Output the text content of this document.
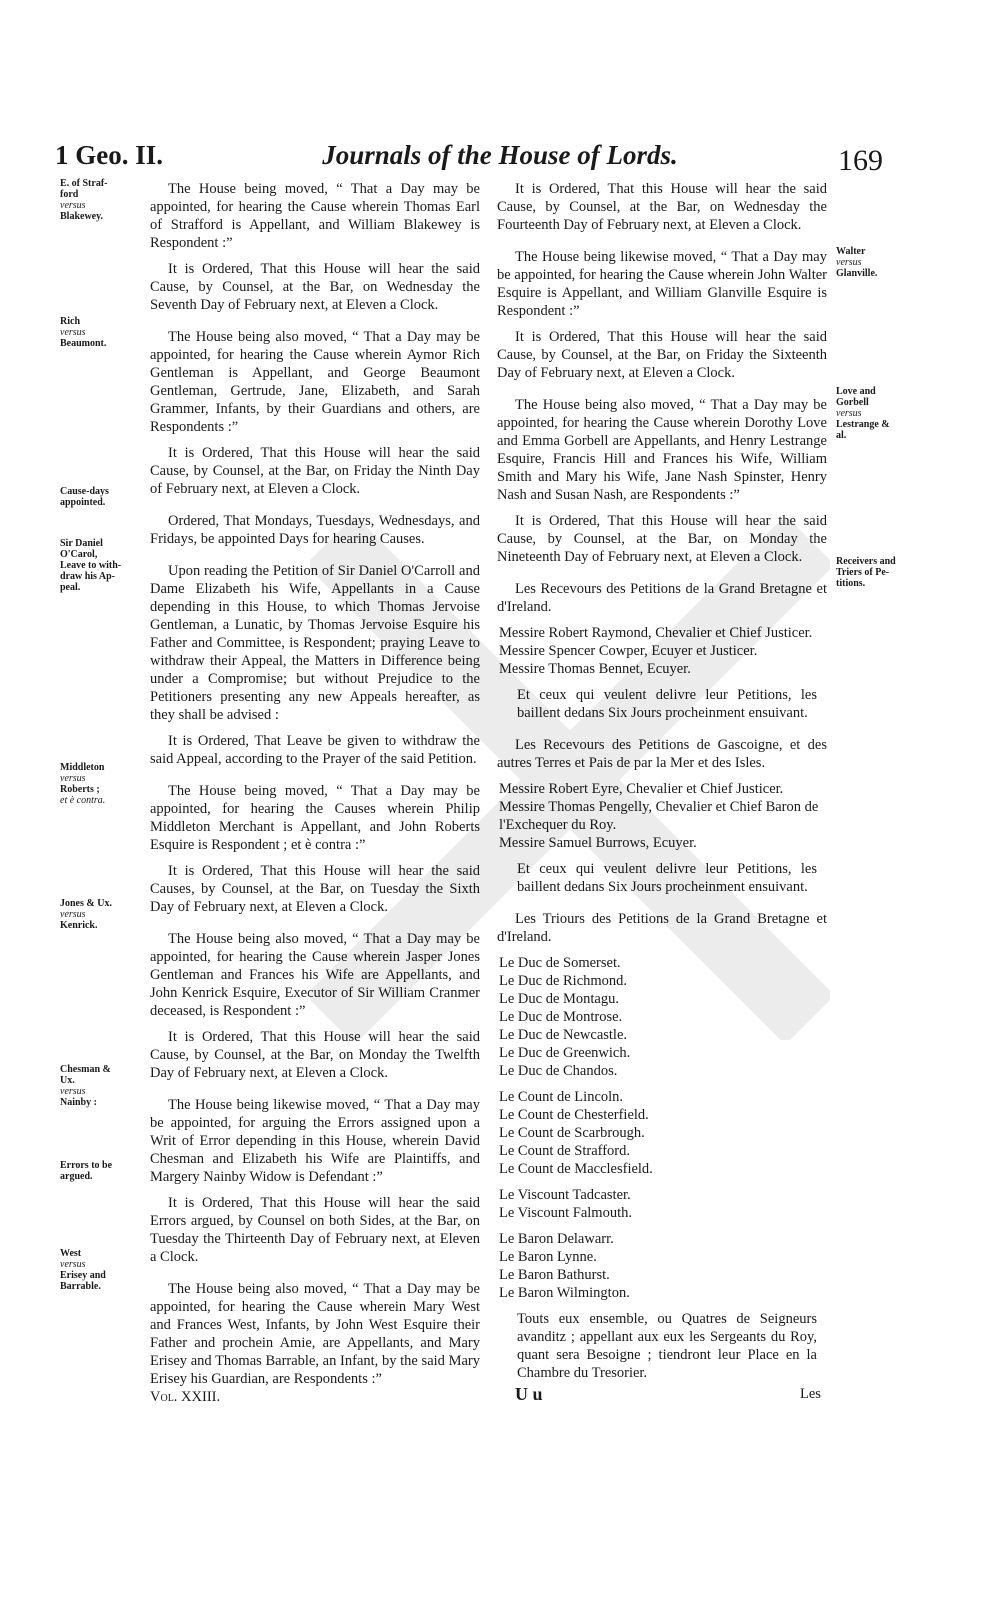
1 Geo. II.	Journals of the House of Lords.	169
E. of Straf-
ford
versus
Blakewey.
Rich
versus
Beaumont.
Cause-days
appointed.
Sir Daniel
O'Carol,
Leave to with-
draw his Ap-
peal.
Middleton
versus
Roberts ;
et è contra.
Jones & Ux.
versus
Kenrick.
Chesman &
Ux.
versus
Nainby :
Errors to be
argued.
West
versus
Erisey and
Barrable.
Walter
versus
Glanville.
Love and
Gorbell
versus
Lestrange &
al.
Receivers and
Triers of Pe-
titions.
The House being moved, “ That a Day may be appointed, for hearing the Cause wherein Thomas Earl of Strafford is Appellant, and William Blakewey is Respondent :”
It is Ordered, That this House will hear the said Cause, by Counsel, at the Bar, on Wednesday the Seventh Day of February next, at Eleven a Clock.
The House being also moved, “ That a Day may be appointed, for hearing the Cause wherein Aymor Rich Gentleman is Appellant, and George Beaumont Gentleman, Gertrude, Jane, Elizabeth, and Sarah Grammer, Infants, by their Guardians and others, are Respondents :”
It is Ordered, That this House will hear the said Cause, by Counsel, at the Bar, on Friday the Ninth Day of February next, at Eleven a Clock.
Ordered, That Mondays, Tuesdays, Wednesdays, and Fridays, be appointed Days for hearing Causes.
Upon reading the Petition of Sir Daniel O'Carroll and Dame Elizabeth his Wife, Appellants in a Cause depending in this House, to which Thomas Jervoise Gentleman, a Lunatic, by Thomas Jervoise Esquire his Father and Committee, is Respondent; praying Leave to withdraw their Appeal, the Matters in Difference being under a Compromise; but without Prejudice to the Petitioners presenting any new Appeals hereafter, as they shall be advised :
It is Ordered, That Leave be given to withdraw the said Appeal, according to the Prayer of the said Petition.
The House being moved, “ That a Day may be appointed, for hearing the Causes wherein Philip Middleton Merchant is Appellant, and John Roberts Esquire is Respondent ; et è contra :”
It is Ordered, That this House will hear the said Causes, by Counsel, at the Bar, on Tuesday the Sixth Day of February next, at Eleven a Clock.
The House being also moved, “ That a Day may be appointed, for hearing the Cause wherein Jasper Jones Gentleman and Frances his Wife are Appellants, and John Kenrick Esquire, Executor of Sir William Cranmer deceased, is Respondent :”
It is Ordered, That this House will hear the said Cause, by Counsel, at the Bar, on Monday the Twelfth Day of February next, at Eleven a Clock.
The House being likewise moved, “ That a Day may be appointed, for arguing the Errors assigned upon a Writ of Error depending in this House, wherein David Chesman and Elizabeth his Wife are Plaintiffs, and Margery Nainby Widow is Defendant :”
It is Ordered, That this House will hear the said Errors argued, by Counsel on both Sides, at the Bar, on Tuesday the Thirteenth Day of February next, at Eleven a Clock.
The House being also moved, “ That a Day may be appointed, for hearing the Cause wherein Mary West and Frances West, Infants, by John West Esquire their Father and prochein Amie, are Appellants, and Mary Erisey and Thomas Barrable, an Infant, by the said Mary Erisey his Guardian, are Respondents :”
Vol. XXIII.
It is Ordered, That this House will hear the said Cause, by Counsel, at the Bar, on Wednesday the Fourteenth Day of February next, at Eleven a Clock.
The House being likewise moved, “ That a Day may be appointed, for hearing the Cause wherein John Walter Esquire is Appellant, and William Glanville Esquire is Respondent :”
It is Ordered, That this House will hear the said Cause, by Counsel, at the Bar, on Friday the Sixteenth Day of February next, at Eleven a Clock.
The House being also moved, “ That a Day may be appointed, for hearing the Cause wherein Dorothy Love and Emma Gorbell are Appellants, and Henry Lestrange Esquire, Francis Hill and Frances his Wife, William Smith and Mary his Wife, Jane Nash Spinster, Henry Nash and Susan Nash, are Respondents :”
It is Ordered, That this House will hear the said Cause, by Counsel, at the Bar, on Monday the Nineteenth Day of February next, at Eleven a Clock.
Les Recevours des Petitions de la Grand Bretagne et d'Ireland.
Messire Robert Raymond, Chevalier et Chief Justicer.
Messire Spencer Cowper, Ecuyer et Justicer.
Messire Thomas Bennet, Ecuyer.
Et ceux qui veulent delivre leur Petitions, les baillent dedans Six Jours procheinment ensuivant.
Les Recevours des Petitions de Gascoigne, et des autres Terres et Pais de par la Mer et des Isles.
Messire Robert Eyre, Chevalier et Chief Justicer.
Messire Thomas Pengelly, Chevalier et Chief Baron de l'Exchequer du Roy.
Messire Samuel Burrows, Ecuyer.
Et ceux qui veulent delivre leur Petitions, les baillent dedans Six Jours procheinment ensuivant.
Les Triours des Petitions de la Grand Bretagne et d'Ireland.
Le Duc de Somerset.
Le Duc de Richmond.
Le Duc de Montagu.
Le Duc de Montrose.
Le Duc de Newcastle.
Le Duc de Greenwich.
Le Duc de Chandos.
Le Count de Lincoln.
Le Count de Chesterfield.
Le Count de Scarbrough.
Le Count de Strafford.
Le Count de Macclesfield.
Le Viscount Tadcaster.
Le Viscount Falmouth.
Le Baron Delawarr.
Le Baron Lynne.
Le Baron Bathurst.
Le Baron Wilmington.
Touts eux ensemble, ou Quatres de Seigneurs avanditz ; appellant aux eux les Sergeants du Roy, quant sera Besoigne ; tiendront leur Place en la Chambre du Tresorier.
U u	Les
